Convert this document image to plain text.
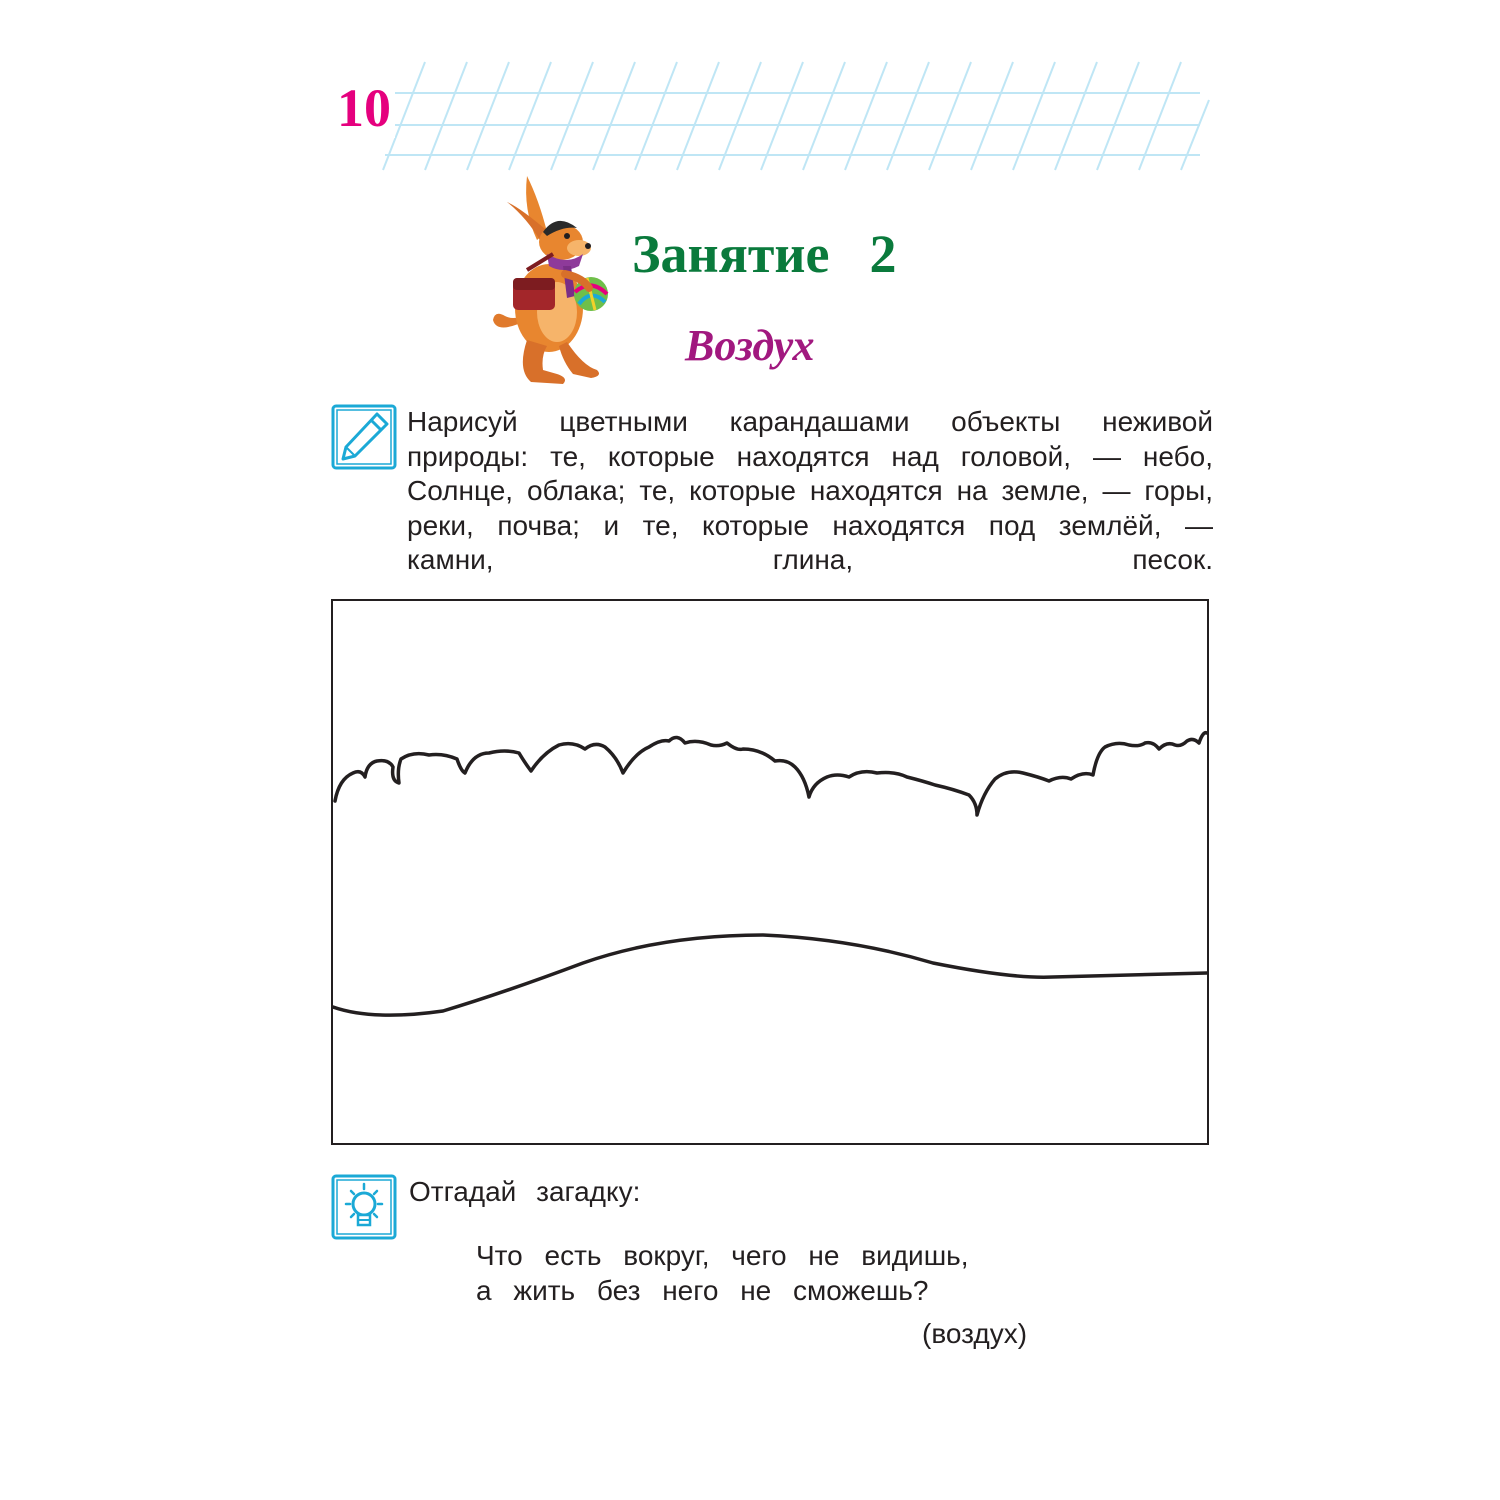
10
Занятие 2
Воздух

Нарисуй цветными карандашами объекты неживой природы: те, которые находятся над головой, — небо, Солнце, облака; те, которые находятся на земле, — горы, реки, почва; и те, которые находятся под землёй, — камни, глина, песок.

Отгадай загадку:

Что есть вокруг, чего не видишь,
а жить без него не сможешь?

(воздух)
